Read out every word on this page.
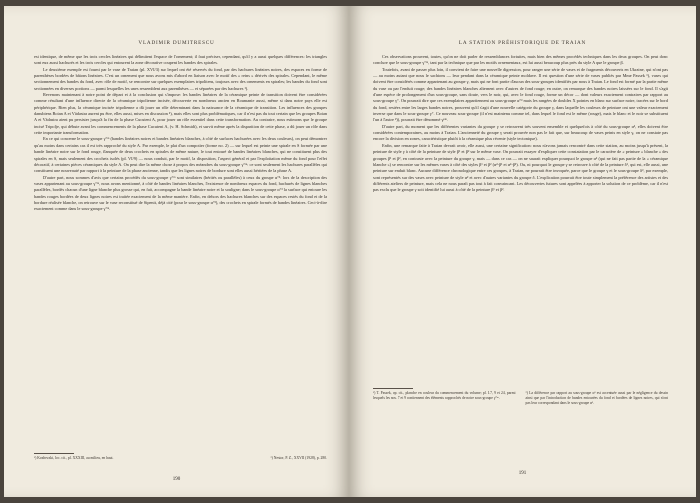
VLADIMIR DUMITRESCU

est identique, de même que les trois cercles linéaires qui délimitent l'espace de l'ornement; il faut préciser, cependant, qu'il y a aussi quelques différences: les triangles sont eux aussi hachurés et les trois cercles qui entourent la zone décorative coupent les bandes des spirales.

Le deuxième exemple est fourni par le vase de Traian (pl. XVI/3) sur lequel ont été réservés du fond, par des hachures linéaires noires, des espaces en forme de parenthèses bordées de bâtons linéaires. C'est un ornement que nous avons mis d'abord en liaison avec le motif des « reins » dérivés des spirales. Cependant, le même sectionnement des bandes du fond, avec rôle de motif, se rencontre sur quelques exemplaires tripolitens, toujours avec des ornements en spirales; les bandes du fond sont sectionnées en diverses portions — parmi lesquelles les unes ressemblent aux parenthèses — et séparées par des hachures ¹).

Revenons maintenant à notre point de départ et à la conclusion qui s'impose: les bandes linéaires de la céramique peinte de transition doivent être considérées comme résultant d'une influence directe de la céramique tripolienne incisée, découverte en nombreux ancien en Roumanie aussi, même si dans notre pays elle est périphérique. Bien plus, la céramique incisée tripolienne a dû jouer un rôle déterminant dans la naissance de la céramique de transition. Les influences des groupes danubiens Boian A et Vădastra aurent pu être, elles aussi, mises en discussion ²), mais elles sont plus problématiques, car il n'est pas du tout certain que les groupes Boian A et Vădastra aient pu persister jusqu'à la fin de la phase Cucuteni A, pour jouer un rôle essentiel dans cette transformation. Au contraire, nous estimons que le groupe incisé Tripolje, qui débute avant les commencements de la phase Cucuteni A, (v. H. Schmidt), et survit même après la disparition de cette phase, a dû jouer un rôle dans cette importante transformation.

En ce qui concerne le sous-groupe γ°ᵐ (bandes linéaires noires et bandes linéaires blanches, à côté de surfaces hachurées avec les deux couleurs), on peut démontrer qu'au moins dans certains cas il est très rapproché du style A. Par exemple, le plat d'un compotier (forme no. 2) — sur lequel est peinte une spirale en S formée par une bande linéaire noire sur le fond rouge, flanquée de deux crochets en spirales de même nature, le tout entouré de bandes linéaires blanches, qui ne constituent plus des spirales en S, mais seulement des crochets isolés (pl. VI/9) — nous conduit, par le motif, la disposition, l'aspect général et par l'exploitation même du fond pour l'effet décoratif, à certaines pièces céramiques du style A. On peut dire la même chose à propos des méandres du sous-groupe γ°ᵐ: ce sont seulement les hachures parallèles qui constituent une nouveauté par rapport à la peinture de la phase ancienne, tandis que les lignes noires de bordure sont elles aussi héritées de la phase A.

D'autre part, nous sommes d'avis que certains procédés du sous-groupe γ°ᵐ sont similaires (hérités ou parallèles) à ceux du groupe α°³: lors de la description des vases appartenant au sous-groupe γ°ᵐ, nous avons mentionné, à côté de bandes linéaires blanches, l'existence de nombreux espaces du fond, hachurés de lignes blanches parallèles, bordés chacun d'une ligne blanche plus grosse qui, en fait, accompagne la bande linéaire noire et la souligne; dans le sous-groupe α°³ la surface qui entoure les bandes rouges bordées de deux lignes noires est traitée exactement de la même manière. Enfin, en dehors des hachures blanches sur des espaces restés du fond et de la bordure réalisée blanche, on retrouve sur le vase reconstitué de Sipenit, déjà cité (pour le sous-groupe α°³), des crochets en spirale formés de bandes linéaires. Ceci-à-dire exactement comme dans le sous-groupe γ°ᵐ.

¹) Kozłowski, loc. cit., pl. XXXIII, au milieu, en haut.	²) Nestor, P. Z., XXVII (1928), p. 280.
190
LA STATION PRÉHISTORIQUE DE TRAIAN

Ces observations prouvent, toutes, qu'on ne doit parler de ressemblances fortuites, mais bien des mêmes procédés techniques dans les deux groupes. On peut donc conclure que le sous-groupe γ°ᵐ, tant par la technique que par les motifs ornementaux, est lui aussi beaucoup plus près du style A que le groupe β.

Toutefois, avant de passer plus loin, il convient de faire une nouvelle digression, pour ranger une série de vases et de fragments découverts en Ukraine, qui n'ont pas — au moins autant que nous le sachions — leur pendant dans la céramique peinte moldave. Il est question d'une série de vases publiés par Mme Passek ¹), vases qui doivent être considérés comme appartenant au groupe γ, mais qui ne font partie d'aucun des sous-groupes identifiés par nous à Traian. Le fond est formé par la partie même du vase ou par l'enduit rouge; des bandes linéaires blanches alternent avec d'autres de fond rouge; en outre, on remarque des bandes noires laissées sur le fond. Il s'agit d'une espèce de prolongement d'un sous-groupe, sans doute, vers le noir, qui, avec le fond rouge, forme un décor — dont valeurs exactement contraires par rapport au sous-groupe γ°. On pourrait dire que ces exemplaires appartiennent au sous-groupe α°³ mais les rangées de doubles X pointes en blanc sur surface noire, tracées sur le bord du fond, restées entre les larges bandes noires, prouvent qu'il s'agit d'une nouvelle catégorie du groupe γ, dans laquelle les couleurs de peinture ont une valeur exactement inverse que dans le sous-groupe γ°. Ce nouveau sous-groupe (il n'est maintenu comme tel, dans lequel le fond est le même (rouge), mais le blanc et le noir se substituent l'un à l'autre ²)), pourrait être dénommé γᵖᵐ.

D'autre part, du moment que les différentes variantes du groupe γ se retrouvent très souvent ensemble et quelquefois à côté du sous-groupe α³, elles doivent être considérées contemporaines, au moins à Traian. L'ancienneté du groupe γ serait prouvée non pas le fait que, sur beaucoup de vases peints en style γ, on ne constate pas encore la division en zones, caractéristique plutôt à la céramique plus récente (style tectonique).

Enfin, une remarque faite à Traian devrait avoir, elle aussi, une certaine signification: nous n'avons jamais rencontré dans cette station, au moins jusqu'à présent, la peinture de style γ à côté de la peinture de style β¹ et β² sur le même vase. On pourrait essayer d'expliquer cette constatation par le caractère de « peinture » blanche » des groupes β¹ et β², en contraste avec la peinture du groupe γ, mais — dans ce cas — on ne saurait expliquer pourquoi le groupe α² (qui ne fait pas partie de la « céramique blanche ») se rencontre sur les mêmes vases à côté des styles β¹ et β² (α²-β¹ et α²-β²). Ou, ni pourquoi le groupe γ se retrouve à côté de la peinture δ¹, qui est, elle aussi, une peinture sur enduit blanc. Aucune différence chronologique entre ces groupes, à Traian, ne pourrait être invoquée, parce que le groupe γ et le sous-groupe δ³, par exemple, sont représentés sur des vases avec peinture de style α² et avec d'autres variantes du groupe δ. L'explication pourrait être toute simplement la préférence des artistes et des différents ateliers de peinture, mais cela ne nous paraît pas tout à fait convaincant. Les découvertes futures sont appelées à apporter la solution de ce problème, car il n'est pas exclu que le groupe γ soit identifié lui aussi à côté de la peinture β¹ et β².

¹) T. Passek, op. cit., planche en couleur du commencement du volume; pl. I.7, 9 et 24, parmi lesquels les nos. 7 et 9 contiennent des éléments rapprochés de notre sous-groupe γ°ᵐ.
²) La différence par rapport au sous-groupe α³ est accentuée aussi par le négligence du dessin ainsi que par l'introduction de bandes entourées du fond et bordées de lignes noires, qui n'ont pas leur correspondant dans le sous-groupe α³.
191
